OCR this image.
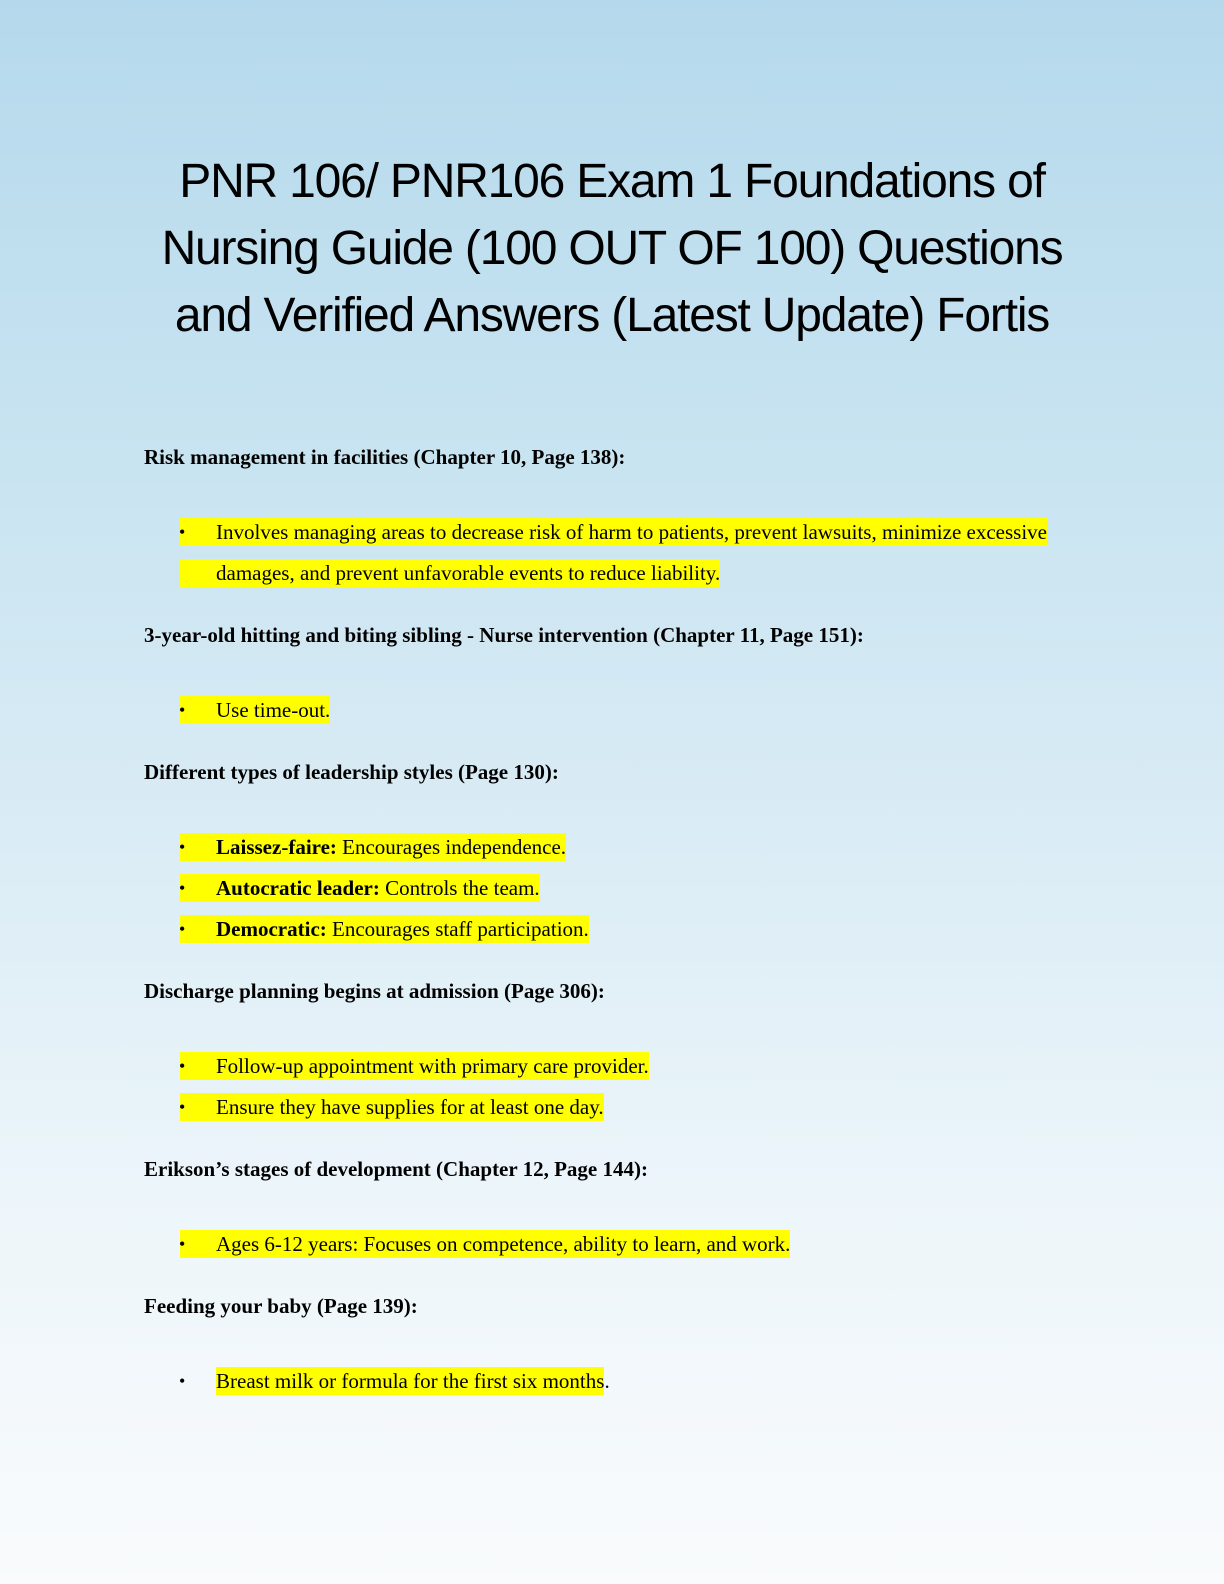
PNR 106/ PNR106 Exam 1 Foundations of
Nursing Guide (100 OUT OF 100) Questions
and Verified Answers (Latest Update) Fortis

Risk management in facilities (Chapter 10, Page 138):

• Involves managing areas to decrease risk of harm to patients, prevent lawsuits, minimize excessive damages, and prevent unfavorable events to reduce liability.

3-year-old hitting and biting sibling - Nurse intervention (Chapter 11, Page 151):

• Use time-out.

Different types of leadership styles (Page 130):

• Laissez-faire: Encourages independence.
• Autocratic leader: Controls the team.
• Democratic: Encourages staff participation.

Discharge planning begins at admission (Page 306):

• Follow-up appointment with primary care provider.
• Ensure they have supplies for at least one day.

Erikson’s stages of development (Chapter 12, Page 144):

• Ages 6-12 years: Focuses on competence, ability to learn, and work.

Feeding your baby (Page 139):

• Breast milk or formula for the first six months.
